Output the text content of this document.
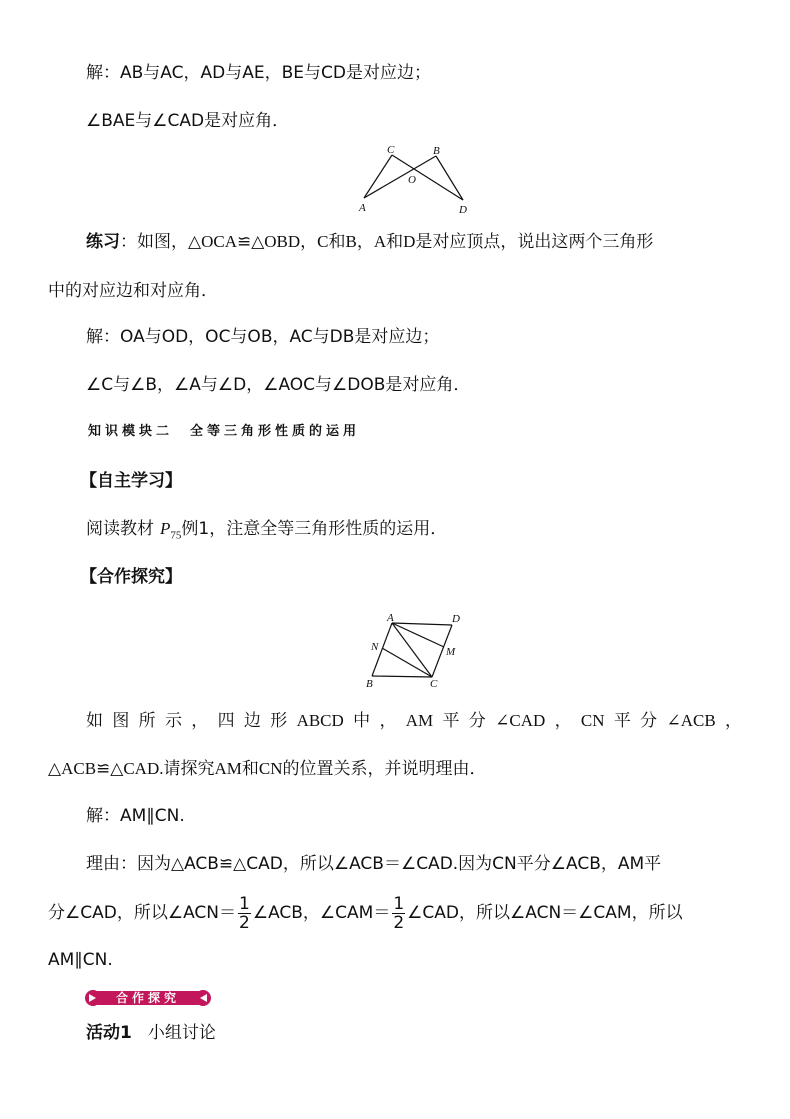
解：AB与AC，AD与AE，BE与CD是对应边；
∠BAE与∠CAD是对应角．
C	B
O
A	D
练习：如图，△OCA≌△OBD，C和B，A和D是对应顶点，说出这两个三角形
中的对应边和对应角．
解：OA与OD，OC与OB，AC与DB是对应边；
∠C与∠B，∠A与∠D，∠AOC与∠DOB是对应角．
知识模块二　全等三角形性质的运用
【自主学习】
阅读教材 $P_{75}$例1，注意全等三角形性质的运用．
【合作探究】
A	D
N	M
B	C
如图所示，四边形ABCD中，AM平分∠CAD，CN平分∠ACB，
△ACB≌△CAD.请探究AM和CN的位置关系，并说明理由．
解：AM∥CN.
理由：因为△ACB≌△CAD，所以∠ACB＝∠CAD.因为CN平分∠ACB，AM平
分∠CAD，所以∠ACN＝ $\frac{1}{2}$ ∠ACB，∠CAM＝ $\frac{1}{2}$ ∠CAD，所以∠ACN＝∠CAM，所以
AM∥CN.
合作探究
活动1 小组讨论
